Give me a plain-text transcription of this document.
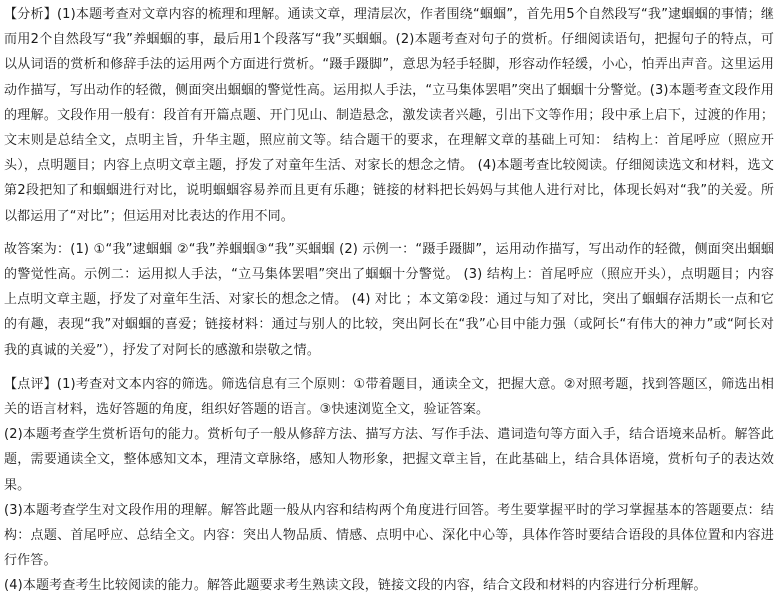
【分析】(1)本题考查对文章内容的梳理和理解。通读文章，理清层次，作者围绕“蝈蝈”，首先用5个自然段写“我”逮蝈蝈的事情；继而用2个自然段写“我”养蝈蝈的事，最后用1个段落写“我”买蝈蝈。(2)本题考查对句子的赏析。仔细阅读语句，把握句子的特点，可以从词语的赏析和修辞手法的运用两个方面进行赏析。“蹑手蹑脚”，意思为轻手轻脚，形容动作轻缓，小心，怕弄出声音。这里运用动作描写，写出动作的轻微，侧面突出蝈蝈的警觉性高。运用拟人手法，“立马集体罢唱”突出了蝈蝈十分警觉。(3)本题考查文段作用的理解。文段作用一般有：段首有开篇点题、开门见山、制造悬念，激发读者兴趣，引出下文等作用；段中承上启下，过渡的作用；文末则是总结全文，点明主旨，升华主题，照应前文等。结合题干的要求，在理解文章的基础上可知： 结构上：首尾呼应（照应开头），点明题目；内容上点明文章主题，抒发了对童年生活、对家长的想念之情。 (4)本题考查比较阅读。仔细阅读选文和材料，选文第2段把知了和蝈蝈进行对比，说明蝈蝈容易养而且更有乐趣；链接的材料把长妈妈与其他人进行对比，体现长妈对“我”的关爱。所以都运用了“对比”；但运用对比表达的作用不同。
故答案为：(1) ①“我”逮蝈蝈 ②“我”养蝈蝈③“我”买蝈蝈 (2) 示例一：“蹑手蹑脚”，运用动作描写，写出动作的轻微，侧面突出蝈蝈的警觉性高。示例二：运用拟人手法，“立马集体罢唱”突出了蝈蝈十分警觉。 (3) 结构上：首尾呼应（照应开头），点明题目；内容上点明文章主题，抒发了对童年生活、对家长的想念之情。 (4) 对比 ；本文第②段：通过与知了对比，突出了蝈蝈存活期长一点和它的有趣，表现“我”对蝈蝈的喜爱；链接材料：通过与别人的比较，突出阿长在“我”心目中能力强（或阿长“有伟大的神力”或“阿长对我的真诚的关爱”），抒发了对阿长的感激和崇敬之情。
【点评】(1)考查对文本内容的筛选。筛选信息有三个原则：①带着题目，通读全文，把握大意。②对照考题，找到答题区，筛选出相关的语言材料，选好答题的角度，组织好答题的语言。③快速浏览全文，验证答案。
(2)本题考查学生赏析语句的能力。赏析句子一般从修辞方法、描写方法、写作手法、遣词造句等方面入手，结合语境来品析。解答此题，需要通读全文，整体感知文本，理清文章脉络，感知人物形象，把握文章主旨，在此基础上，结合具体语境，赏析句子的表达效果。
(3)本题考查学生对文段作用的理解。解答此题一般从内容和结构两个角度进行回答。考生要掌握平时的学习掌握基本的答题要点：结构：点题、首尾呼应、总结全文。内容：突出人物品质、情感、点明中心、深化中心等，具体作答时要结合语段的具体位置和内容进行作答。
(4)本题考查考生比较阅读的能力。解答此题要求考生熟读文段，链接文段的内容，结合文段和材料的内容进行分析理解。
